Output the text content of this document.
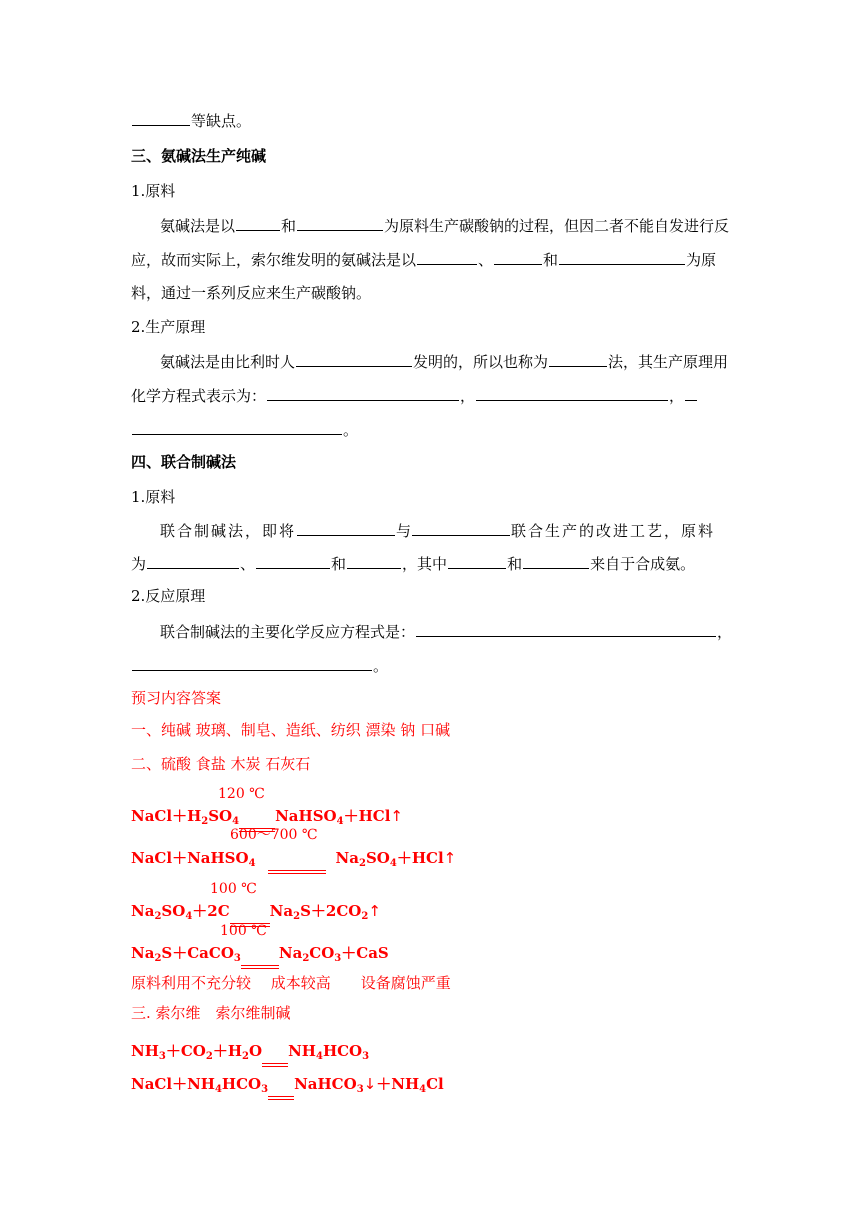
等缺点。
三、氨碱法生产纯碱
1.原料
氨碱法是以	和	为原料生产碳酸钠的过程，但因二者不能自发进行反
应，故而实际上，索尔维发明的氨碱法是以	、	和	为原
料，通过一系列反应来生产碳酸钠。
2.生产原理
氨碱法是由比利时人	发明的，所以也称为	法，其生产原理用
化学方程式表示为：	，	，
。
四、联合制碱法
1.原料
联合制碱法，即将	与	联合生产的改进工艺，原料
为	、	和	，其中	和	来自于合成氨。
2.反应原理
联合制碱法的主要化学反应方程式是：	，
。
预习内容答案
一、纯碱 玻璃、制皂、造纸、纺织 漂染 钠 口碱
二、硫酸 食盐 木炭 石灰石
120 ℃
$NaCl+H_2SO_4$ NaHSO$_4$＋HCl↑
600～700 ℃
NaCl＋NaHSO$_4$	$Na_2SO_4+HCl↑$
100 ℃
$Na_2SO_4+2C$	$Na_2S+2CO_2↑$
100 ℃
$Na_2S+CaCO_3$	$Na_2CO_3+CaS$
原料利用不充分较　 成本较高　　设备腐蚀严重
三. 索尔维　索尔维制碱
$NH_3+CO_2+H_2O$ $NH_4HCO_3$
$NaCl+NH_4HCO_3$ $NaHCO_3↓+NH_4Cl$
